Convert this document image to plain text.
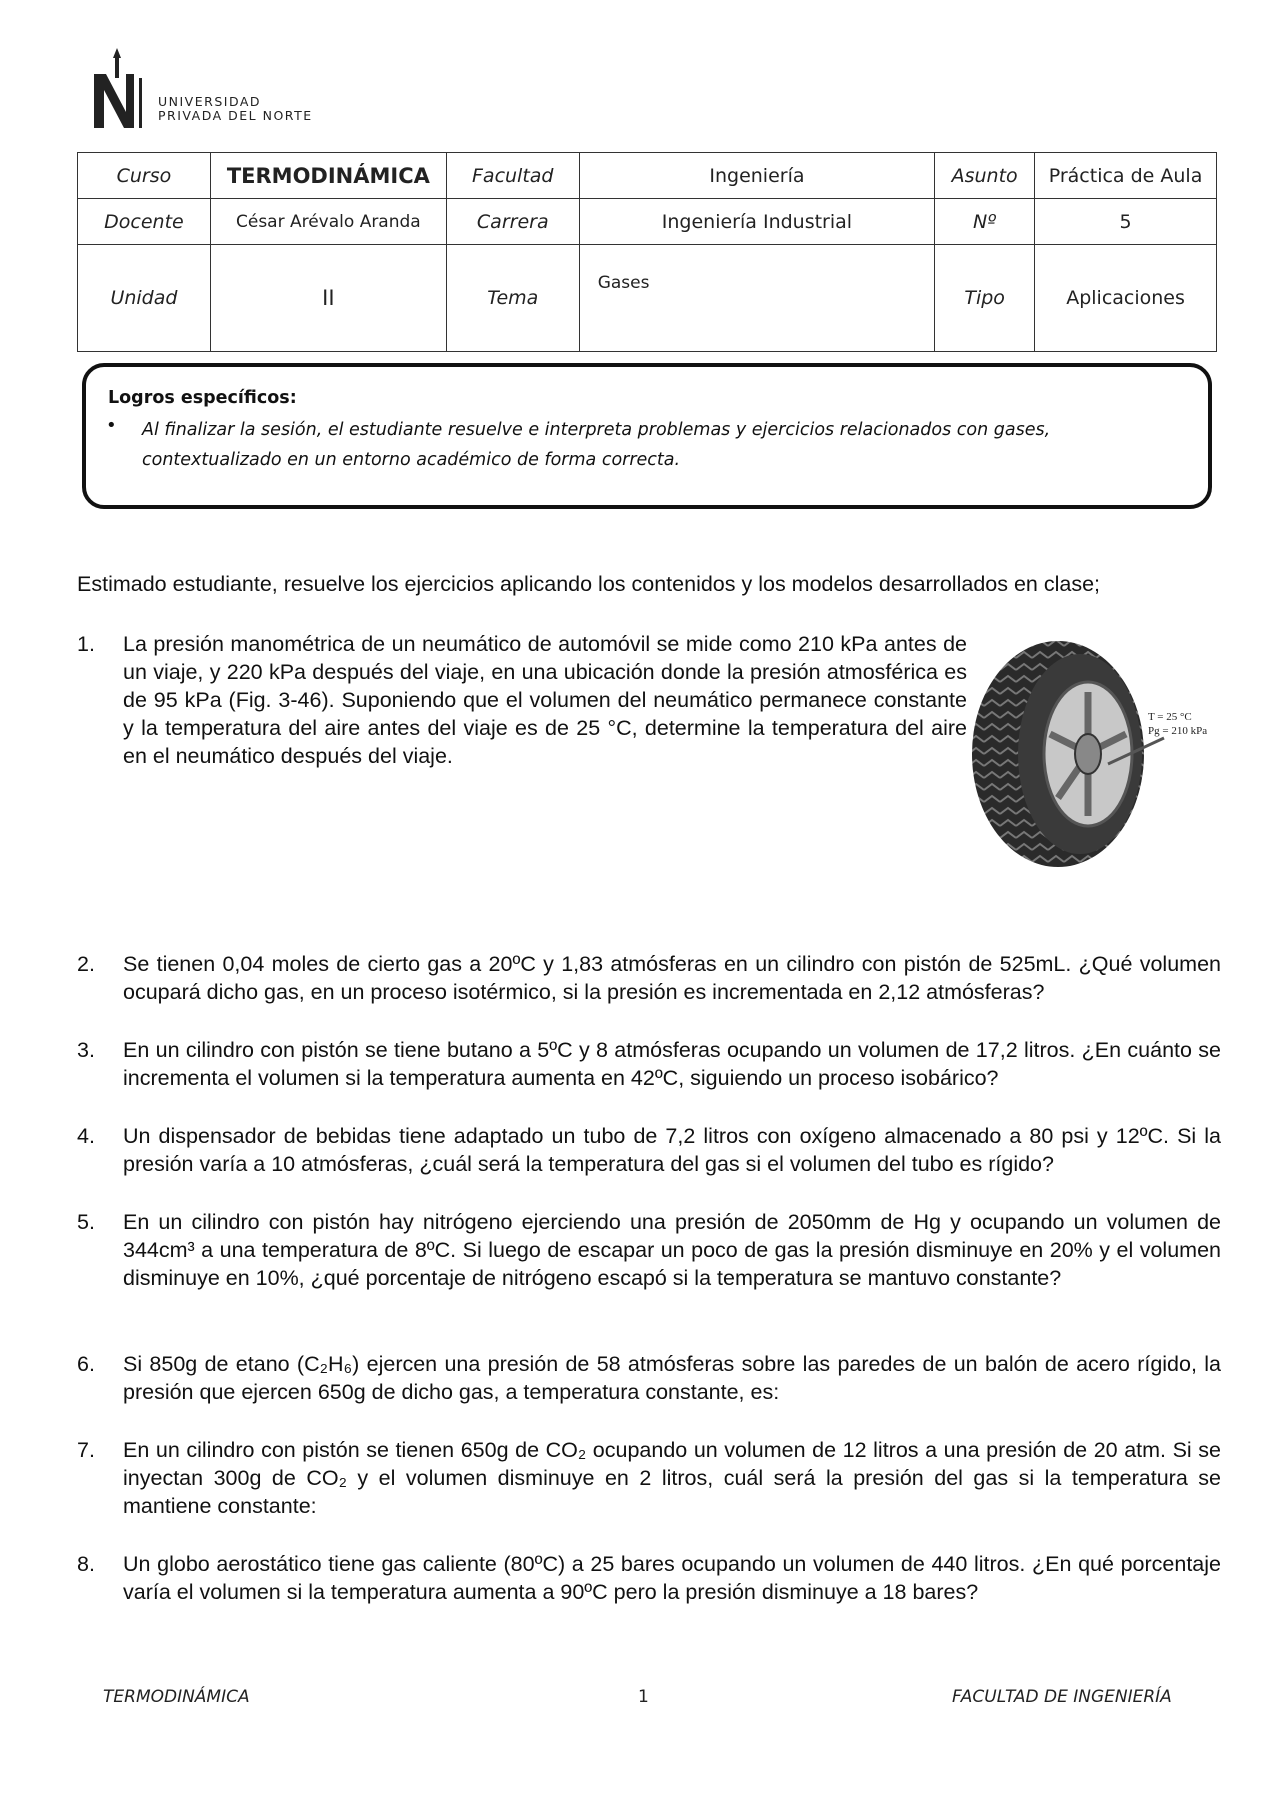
UNIVERSIDAD
PRIVADA DEL NORTE
Curso	TERMODINÁMICA	Facultad	Ingeniería	Asunto	Práctica de Aula
Docente	César Arévalo Aranda	Carrera	Ingeniería Industrial	Nº	5
Unidad	II	Tema	Gases	Tipo	Aplicaciones
Logros específicos:
• Al finalizar la sesión, el estudiante resuelve e interpreta problemas y ejercicios relacionados con gases, contextualizado en un entorno académico de forma correcta.
Estimado estudiante, resuelve los ejercicios aplicando los contenidos y los modelos desarrollados en clase;
1. La presión manométrica de un neumático de automóvil se mide como 210 kPa antes de un viaje, y 220 kPa después del viaje, en una ubicación donde la presión atmosférica es de 95 kPa (Fig. 3-46). Suponiendo que el volumen del neumático permanece constante y la temperatura del aire antes del viaje es de 25 °C, determine la temperatura del aire en el neumático después del viaje.
T = 25 °C
Pg = 210 kPa
2. Se tienen 0,04 moles de cierto gas a 20ºC y 1,83 atmósferas en un cilindro con pistón de 525mL. ¿Qué volumen ocupará dicho gas, en un proceso isotérmico, si la presión es incrementada en 2,12 atmósferas?
3. En un cilindro con pistón se tiene butano a 5ºC y 8 atmósferas ocupando un volumen de 17,2 litros. ¿En cuánto se incrementa el volumen si la temperatura aumenta en 42ºC, siguiendo un proceso isobárico?
4. Un dispensador de bebidas tiene adaptado un tubo de 7,2 litros con oxígeno almacenado a 80 psi y 12ºC. Si la presión varía a 10 atmósferas, ¿cuál será la temperatura del gas si el volumen del tubo es rígido?
5. En un cilindro con pistón hay nitrógeno ejerciendo una presión de 2050mm de Hg y ocupando un volumen de 344cm³ a una temperatura de 8ºC. Si luego de escapar un poco de gas la presión disminuye en 20% y el volumen disminuye en 10%, ¿qué porcentaje de nitrógeno escapó si la temperatura se mantuvo constante?
6. Si 850g de etano (C₂H₆) ejercen una presión de 58 atmósferas sobre las paredes de un balón de acero rígido, la presión que ejercen 650g de dicho gas, a temperatura constante, es:
7. En un cilindro con pistón se tienen 650g de CO₂ ocupando un volumen de 12 litros a una presión de 20 atm. Si se inyectan 300g de CO₂ y el volumen disminuye en 2 litros, cuál será la presión del gas si la temperatura se mantiene constante:
8. Un globo aerostático tiene gas caliente (80ºC) a 25 bares ocupando un volumen de 440 litros. ¿En qué porcentaje varía el volumen si la temperatura aumenta a 90ºC pero la presión disminuye a 18 bares?
TERMODINÁMICA	1	FACULTAD DE INGENIERÍA
